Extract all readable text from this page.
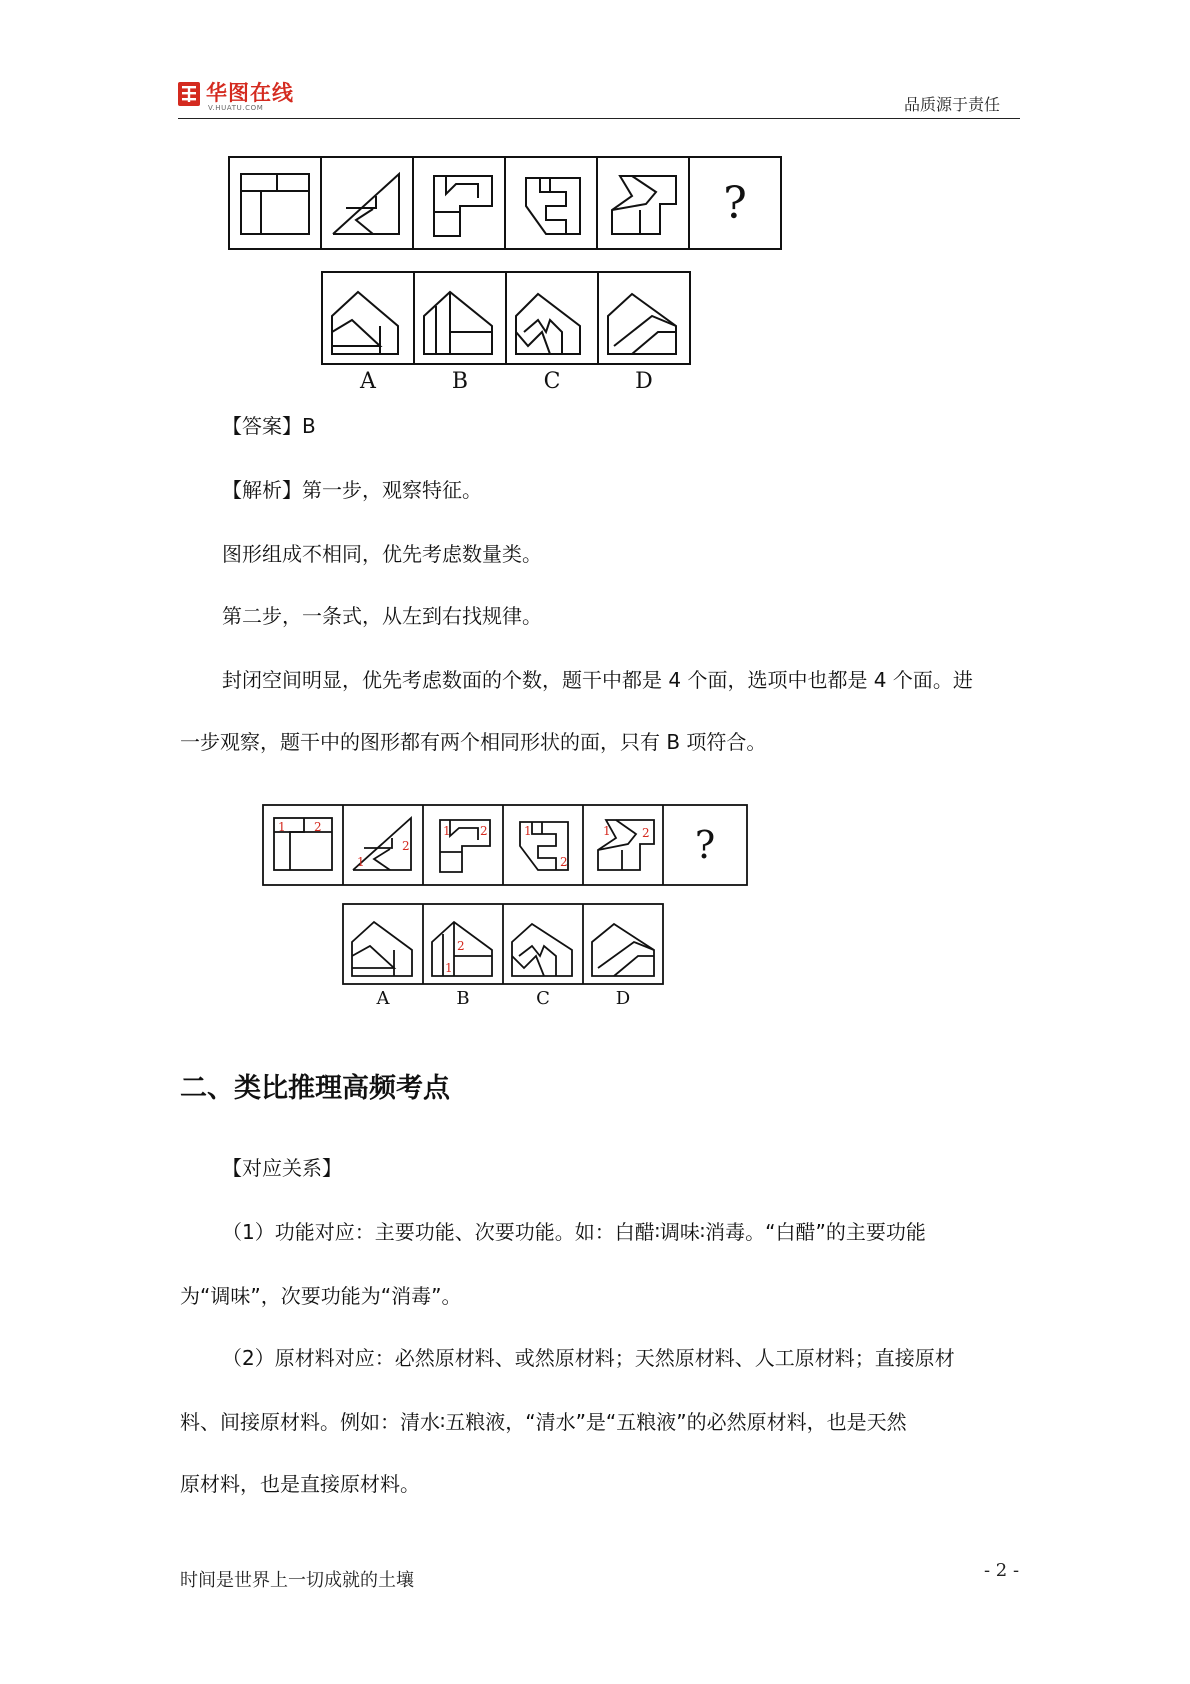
华图在线
V.HUATU.COM	品质源于责任
?
A	B	C	D
【答案】B
【解析】第一步，观察特征。
图形组成不相同，优先考虑数量类。
第二步，一条式，从左到右找规律。
封闭空间明显，优先考虑数面的个数，题干中都是 4 个面，选项中也都是 4 个面。进
一步观察，题干中的图形都有两个相同形状的面，只有 B 项符合。
?
1 2
1
2
1 2	1
2
1	2
1
2
A	B	C	D
二、类比推理高频考点
【对应关系】
（1）功能对应：主要功能、次要功能。如：白醋∶调味∶消毒。“白醋”的主要功能
为“调味”，次要功能为“消毒”。
（2）原材料对应：必然原材料、或然原材料；天然原材料、人工原材料；直接原材
料、间接原材料。例如：清水∶五粮液，“清水”是“五粮液”的必然原材料，也是天然
原材料，也是直接原材料。
时间是世界上一切成就的土壤	- 2 -
